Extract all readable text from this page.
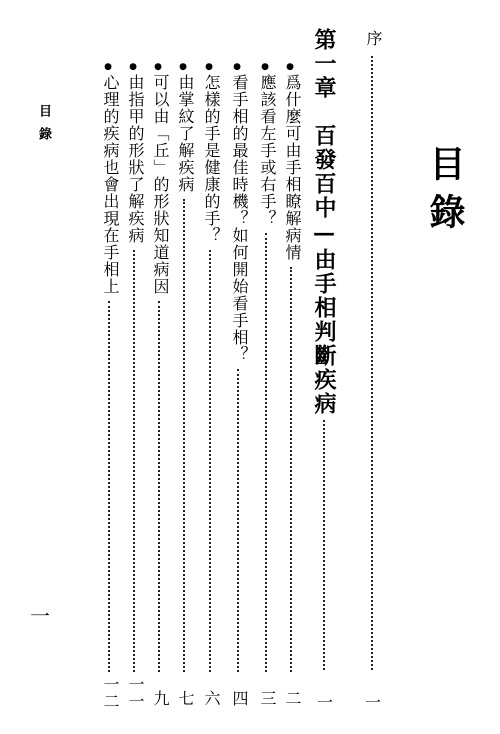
目錄
一
目錄
序
一
第一章　百發百中—由手相判斷疾病
一
●
爲什麼可由手相瞭解病情
二
●
應該看左手或右手？
三
●
看手相的最佳時機？如何開始看手相？
四
●
怎樣的手是健康的手？
六
●
由掌紋了解疾病
七
●
可以由「丘」的形狀知道病因
九
●
由指甲的形狀了解疾病
一一
●
心理的疾病也會出現在手相上
一二
